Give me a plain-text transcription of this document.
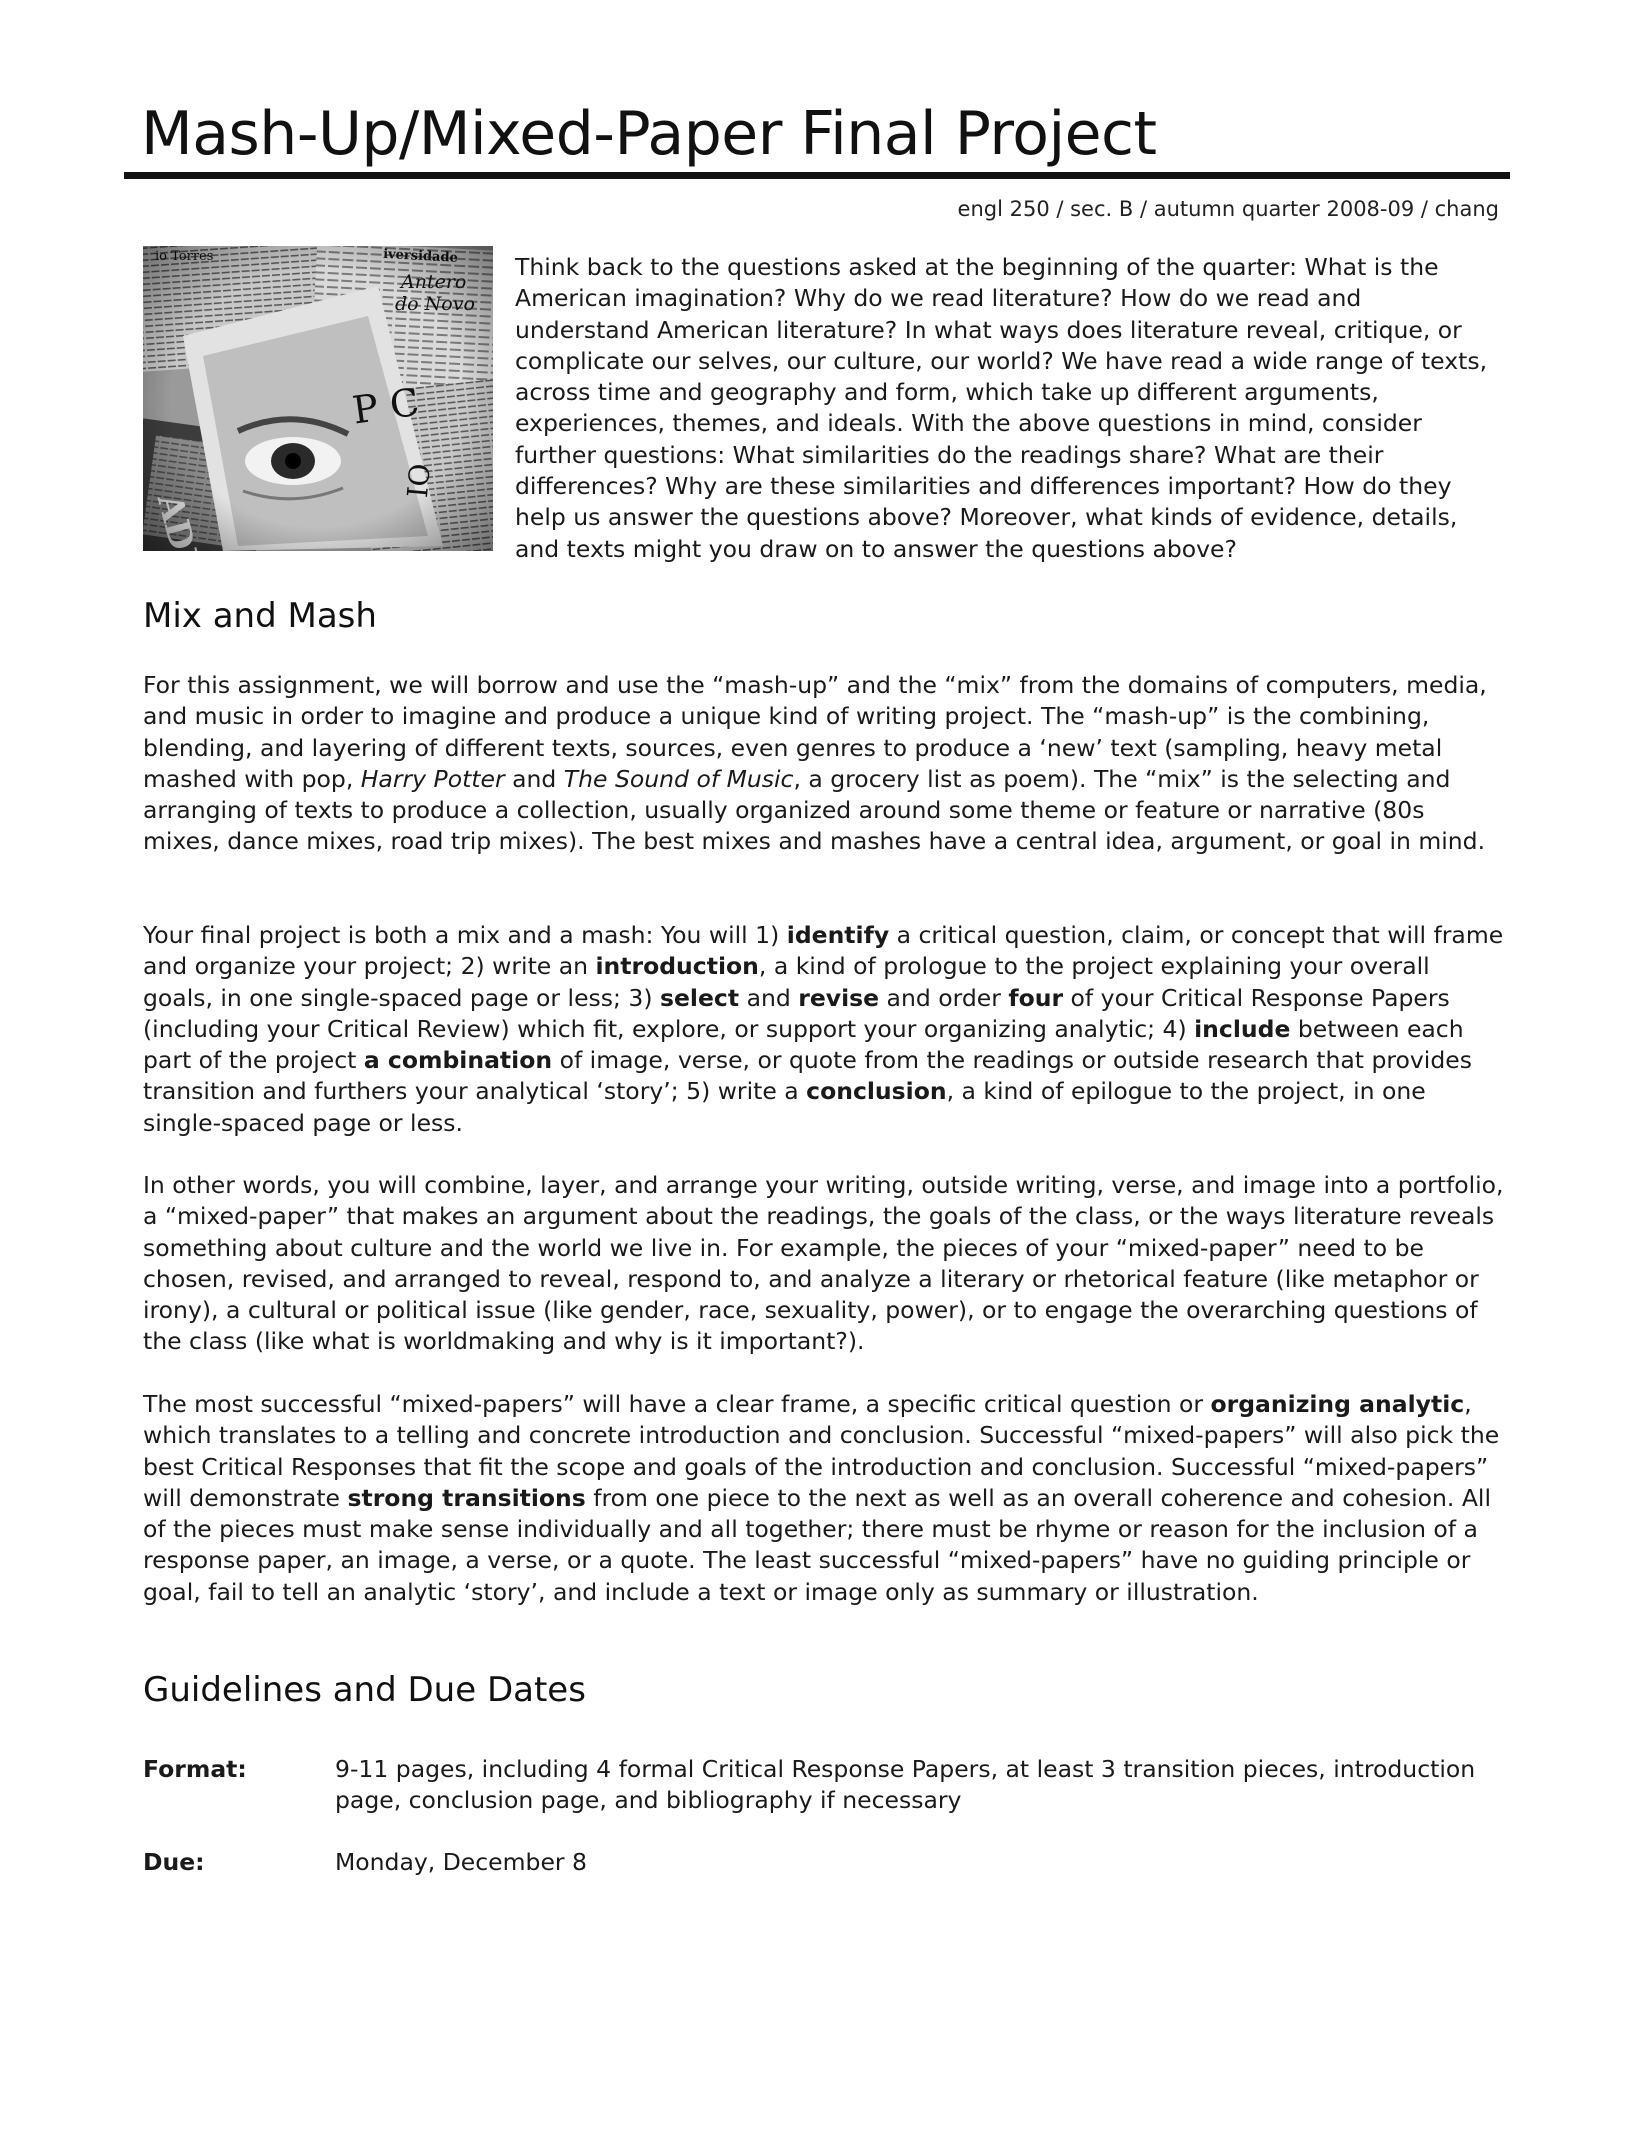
Mash-Up/Mixed-Paper Final Project
engl 250 / sec. B / autumn quarter 2008-09 / chang

Think back to the questions asked at the beginning of the quarter: What is the American imagination? Why do we read literature? How do we read and understand American literature? In what ways does literature reveal, critique, or complicate our selves, our culture, our world? We have read a wide range of texts, across time and geography and form, which take up different arguments, experiences, themes, and ideals. With the above questions in mind, consider further questions: What similarities do the readings share? What are their differences? Why are these similarities and differences important? How do they help us answer the questions above? Moreover, what kinds of evidence, details, and texts might you draw on to answer the questions above?

Mix and Mash

For this assignment, we will borrow and use the “mash-up” and the “mix” from the domains of computers, media, and music in order to imagine and produce a unique kind of writing project. The “mash-up” is the combining, blending, and layering of different texts, sources, even genres to produce a ‘new’ text (sampling, heavy metal mashed with pop, Harry Potter and The Sound of Music, a grocery list as poem). The “mix” is the selecting and arranging of texts to produce a collection, usually organized around some theme or feature or narrative (80s mixes, dance mixes, road trip mixes). The best mixes and mashes have a central idea, argument, or goal in mind.

Your final project is both a mix and a mash: You will 1) identify a critical question, claim, or concept that will frame and organize your project; 2) write an introduction, a kind of prologue to the project explaining your overall goals, in one single-spaced page or less; 3) select and revise and order four of your Critical Response Papers (including your Critical Review) which fit, explore, or support your organizing analytic; 4) include between each part of the project a combination of image, verse, or quote from the readings or outside research that provides transition and furthers your analytical ‘story’; 5) write a conclusion, a kind of epilogue to the project, in one single-spaced page or less.

In other words, you will combine, layer, and arrange your writing, outside writing, verse, and image into a portfolio, a “mixed-paper” that makes an argument about the readings, the goals of the class, or the ways literature reveals something about culture and the world we live in. For example, the pieces of your “mixed-paper” need to be chosen, revised, and arranged to reveal, respond to, and analyze a literary or rhetorical feature (like metaphor or irony), a cultural or political issue (like gender, race, sexuality, power), or to engage the overarching questions of the class (like what is worldmaking and why is it important?).

The most successful “mixed-papers” will have a clear frame, a specific critical question or organizing analytic, which translates to a telling and concrete introduction and conclusion. Successful “mixed-papers” will also pick the best Critical Responses that fit the scope and goals of the introduction and conclusion. Successful “mixed-papers” will demonstrate strong transitions from one piece to the next as well as an overall coherence and cohesion. All of the pieces must make sense individually and all together; there must be rhyme or reason for the inclusion of a response paper, an image, a verse, or a quote. The least successful “mixed-papers” have no guiding principle or goal, fail to tell an analytic ‘story’, and include a text or image only as summary or illustration.

Guidelines and Due Dates
Format:	9-11 pages, including 4 formal Critical Response Papers, at least 3 transition pieces, introduction page, conclusion page, and bibliography if necessary
Due:	Monday, December 8
